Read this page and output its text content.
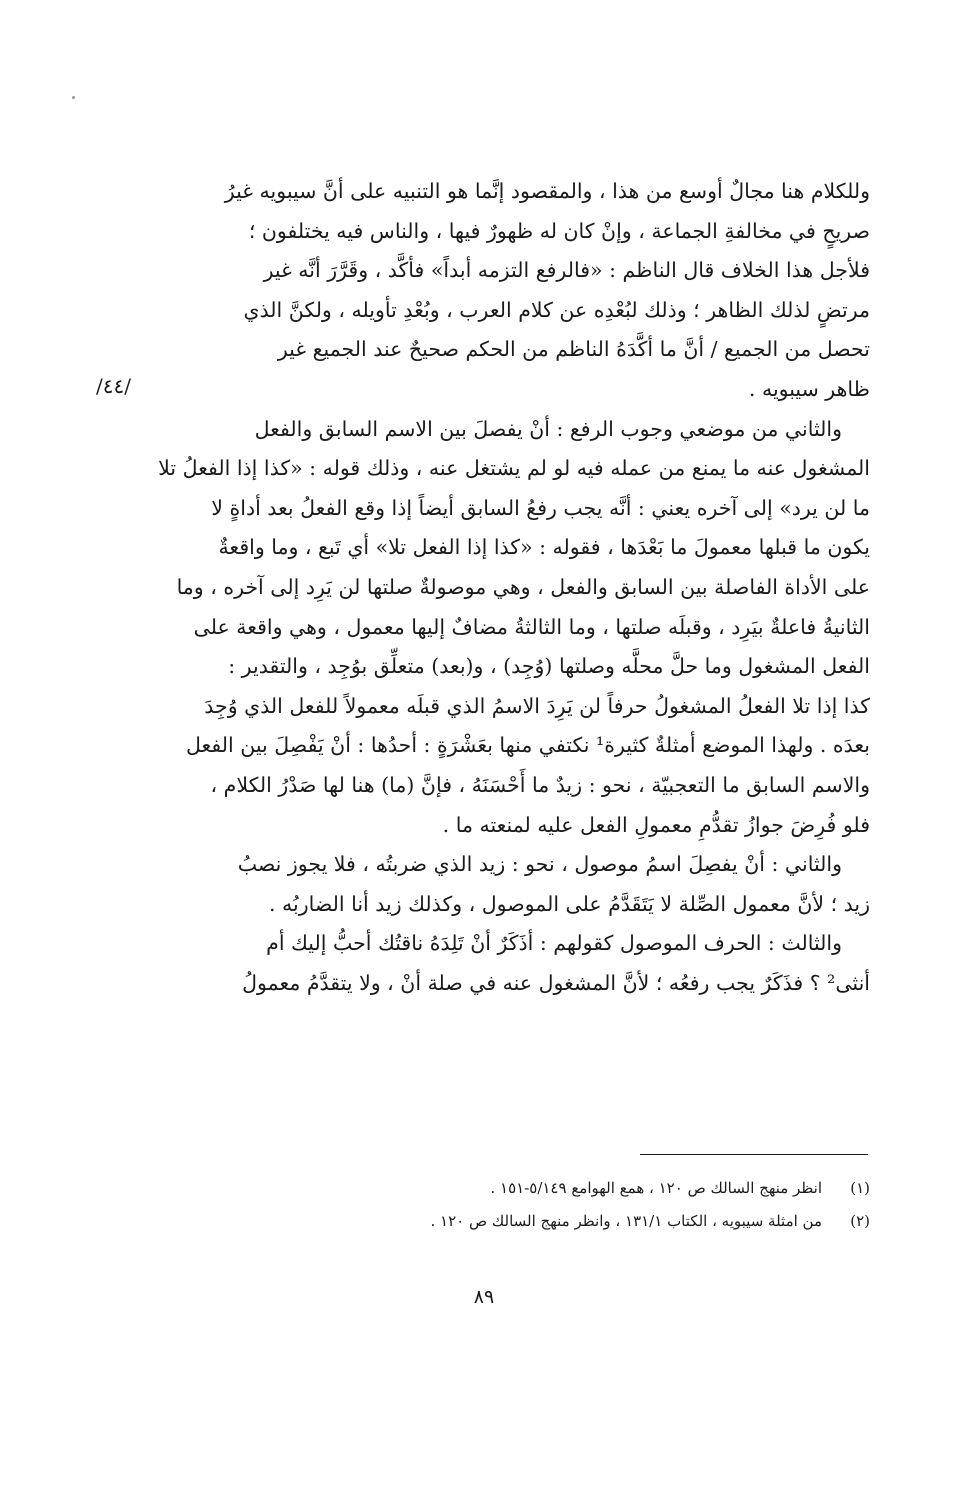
/٤٤/
وللكلام هنا مجالٌ أوسع من هذا ، والمقصود إنَّما هو التنبيه على أنَّ سيبويه غيرُ
صريحٍ في مخالفةِ الجماعة ، وإنْ كان له ظهورٌ فيها ، والناس فيه يختلفون ؛
فلأجل هذا الخلاف قال الناظم : «فالرفع التزمه أبداً» فأكَّد ، وقَرَّرَ أنَّه غير
مرتضٍ لذلك الظاهر ؛ وذلك لبُعْدِه عن كلام العرب ، وبُعْدِ تأويله ، ولكنَّ الذي
تحصل من الجميع / أنَّ ما أكَّدَهُ الناظم من الحكم صحيحٌ عند الجميع غير
ظاهر سيبويه .
والثاني من موضعي وجوب الرفع : أنْ يفصلَ بين الاسم السابق والفعل
المشغول عنه ما يمنع من عمله فيه لو لم يشتغل عنه ، وذلك قوله : «كذا إذا الفعلُ تلا
ما لن يرد» إلى آخره يعني : أنَّه يجب رفعُ السابق أيضاً إذا وقع الفعلُ بعد أداةٍ لا
يكون ما قبلها معمولَ ما بَعْدَها ، فقوله : «كذا إذا الفعل تلا» أي تَبع ، وما واقعةٌ
على الأداة الفاصلة بين السابق والفعل ، وهي موصولةٌ صلتها لن يَرِد إلى آخره ، وما
الثانيةُ فاعلةٌ بيَرِد ، وقبلَه صلتها ، وما الثالثةُ مضافٌ إليها معمول ، وهي واقعة على
الفعل المشغول وما حلَّ محلَّه وصلتها (وُجِد) ، و(بعد) متعلِّق بوُجِد ، والتقدير :
كذا إذا تلا الفعلُ المشغولُ حرفاً لن يَرِدَ الاسمُ الذي قبلَه معمولاً للفعل الذي وُجِدَ
بعدَه . ولهذا الموضع أمثلةٌ كثيرة¹ نكتفي منها بعَشْرَةٍ : أحدُها : أنْ يَفْصِلَ بين الفعل
والاسم السابق ما التعجبيّة ، نحو : زيدٌ ما أَحْسَنَهُ ، فإنَّ (ما) هنا لها صَدْرُ الكلام ،
فلو فُرِضَ جوازُ تقدُّمِ معمولِ الفعل عليه لمنعته ما .
والثاني : أنْ يفصِلَ اسمُ موصول ، نحو : زيد الذي ضربتُه ، فلا يجوز نصبُ
زيد ؛ لأنَّ معمول الصِّلة لا يَتَقَدَّمُ على الموصول ، وكذلك زيد أنا الضاربُه .
والثالث : الحرف الموصول كقولهم : أذَكَرٌ أنْ تَلِدَهُ ناقتُك أحبُّ إليك أم
أنثى² ؟ فذَكَرٌ يجب رفعُه ؛ لأنَّ المشغول عنه في صلة أنْ ، ولا يتقدَّمُ معمولُ
(١)
انظر منهج السالك ص ١٢٠ ، همع الهوامع ٥/١٤٩-١٥١ .
(٢)
من امثلة سيبويه ، الكتاب ١٣١/١ ، وانظر منهج السالك ص ١٢٠ .
٨٩
